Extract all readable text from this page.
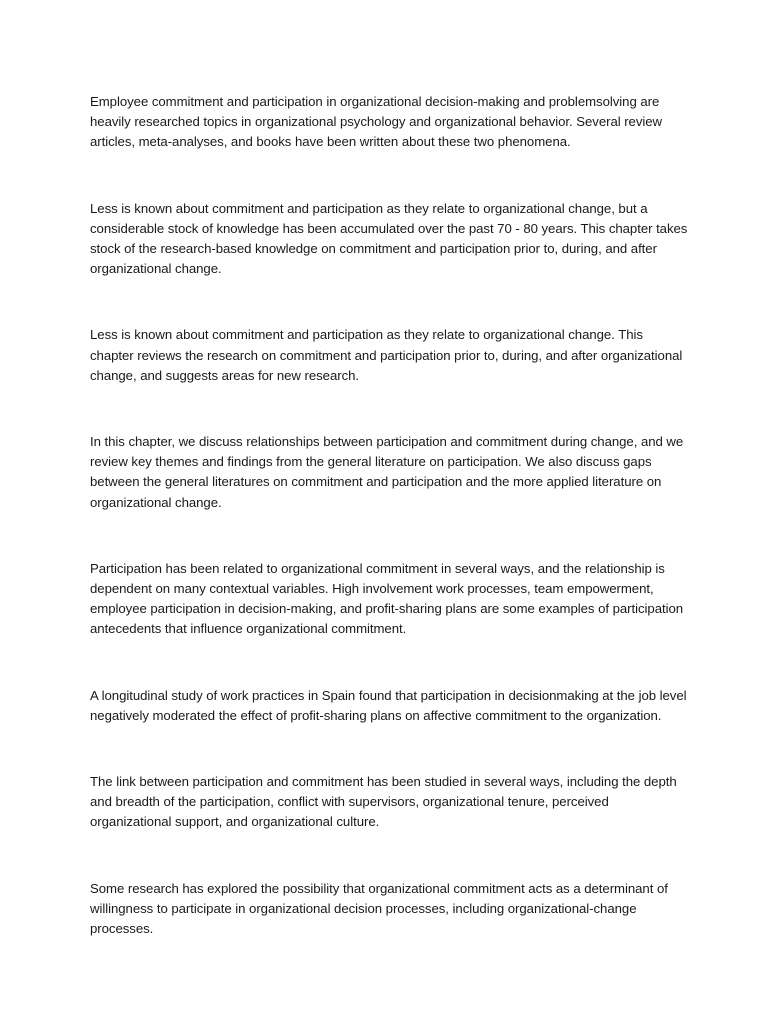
Employee commitment and participation in organizational decision-making and problemsolving are heavily researched topics in organizational psychology and organizational behavior. Several review articles, meta-analyses, and books have been written about these two phenomena.

Less is known about commitment and participation as they relate to organizational change, but a considerable stock of knowledge has been accumulated over the past 70 - 80 years. This chapter takes stock of the research-based knowledge on commitment and participation prior to, during, and after organizational change.

Less is known about commitment and participation as they relate to organizational change. This chapter reviews the research on commitment and participation prior to, during, and after organizational change, and suggests areas for new research.

In this chapter, we discuss relationships between participation and commitment during change, and we review key themes and findings from the general literature on participation. We also discuss gaps between the general literatures on commitment and participation and the more applied literature on organizational change.

Participation has been related to organizational commitment in several ways, and the relationship is dependent on many contextual variables. High involvement work processes, team empowerment, employee participation in decision-making, and profit-sharing plans are some examples of participation antecedents that influence organizational commitment.

A longitudinal study of work practices in Spain found that participation in decisionmaking at the job level negatively moderated the effect of profit-sharing plans on affective commitment to the organization.

The link between participation and commitment has been studied in several ways, including the depth and breadth of the participation, conflict with supervisors, organizational tenure, perceived organizational support, and organizational culture.

Some research has explored the possibility that organizational commitment acts as a determinant of willingness to participate in organizational decision processes, including organizational-change processes.
